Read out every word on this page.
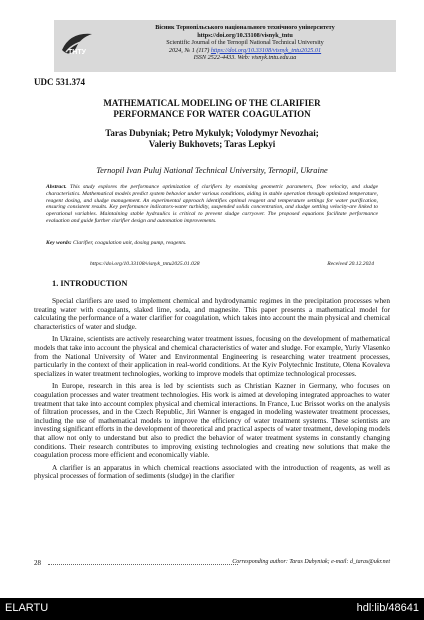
ТНТУ
Вісник Тернопільського національного технічного університету
https://doi.org/10.33108/visnyk_tntu
Scientific Journal of the Ternopil National Technical University
2024, № 1 (117) https://doi.org/10.33108/visnyk_tntu2025.01
ISSN 2522-4433. Web: visnyk.tntu.edu.ua
UDC 531.374
MATHEMATICAL MODELING OF THE CLARIFIER
PERFORMANCE FOR WATER COAGULATION
Taras Dubyniak; Petro Mykulyk; Volodymyr Nevozhai;
Valeriy Bukhovets; Taras Lepkyi
Ternopil Ivan Puluj National Technical University, Ternopil, Ukraine
Abstract. This study explores the performance optimization of clarifiers by examining geometric parameters, flow velocity, and sludge characteristics. Mathematical models predict system behavior under various conditions, aiding in stable operation through optimized temperature, reagent dosing, and sludge management. An experimental approach identifies optimal reagent and temperature settings for water purification, ensuring consistent results. Key performance indicators-water turbidity, suspended solids concentration, and sludge settling velocity-are linked to operational variables. Maintaining stable hydraulics is critical to prevent sludge carryover. The proposed equations facilitate performance evaluation and guide further clarifier design and automation improvements.
Key words: Clarifier, coagulation unit, dosing pump, reagents.
https://doi.org/10.33108/visnyk_tntu2025.01.028	Received 20.12.2024
1. INTRODUCTION

Special clarifiers are used to implement chemical and hydrodynamic regimes in the precipitation processes when treating water with coagulants, slaked lime, soda, and magnesite. This paper presents a mathematical model for calculating the performance of a water clarifier for coagulation, which takes into account the main physical and chemical characteristics of water and sludge.

In Ukraine, scientists are actively researching water treatment issues, focusing on the development of mathematical models that take into account the physical and chemical characteristics of water and sludge. For example, Yuriy Vlasenko from the National University of Water and Environmental Engineering is researching water treatment processes, particularly in the context of their application in real-world conditions. At the Kyiv Polytechnic Institute, Olena Kovaleva specializes in water treatment technologies, working to improve models that optimize technological processes.

In Europe, research in this area is led by scientists such as Christian Kazner in Germany, who focuses on coagulation processes and water treatment technologies. His work is aimed at developing integrated approaches to water treatment that take into account complex physical and chemical interactions. In France, Luc Brissot works on the analysis of filtration processes, and in the Czech Republic, Jiri Wanner is engaged in modeling wastewater treatment processes, including the use of mathematical models to improve the efficiency of water treatment systems. These scientists are investing significant efforts in the development of theoretical and practical aspects of water treatment, developing models that allow not only to understand but also to predict the behavior of water treatment systems in constantly changing conditions. Their research contributes to improving existing technologies and creating new solutions that make the coagulation process more efficient and economically viable.

A clarifier is an apparatus in which chemical reactions associated with the introduction of reagents, as well as physical processes of formation of sediments (sludge) in the clarifier

28	Corresponding author: Taras Dubyniak; e-mail: d_taras@ukr.net
ELARTU	hdl:lib/48641
